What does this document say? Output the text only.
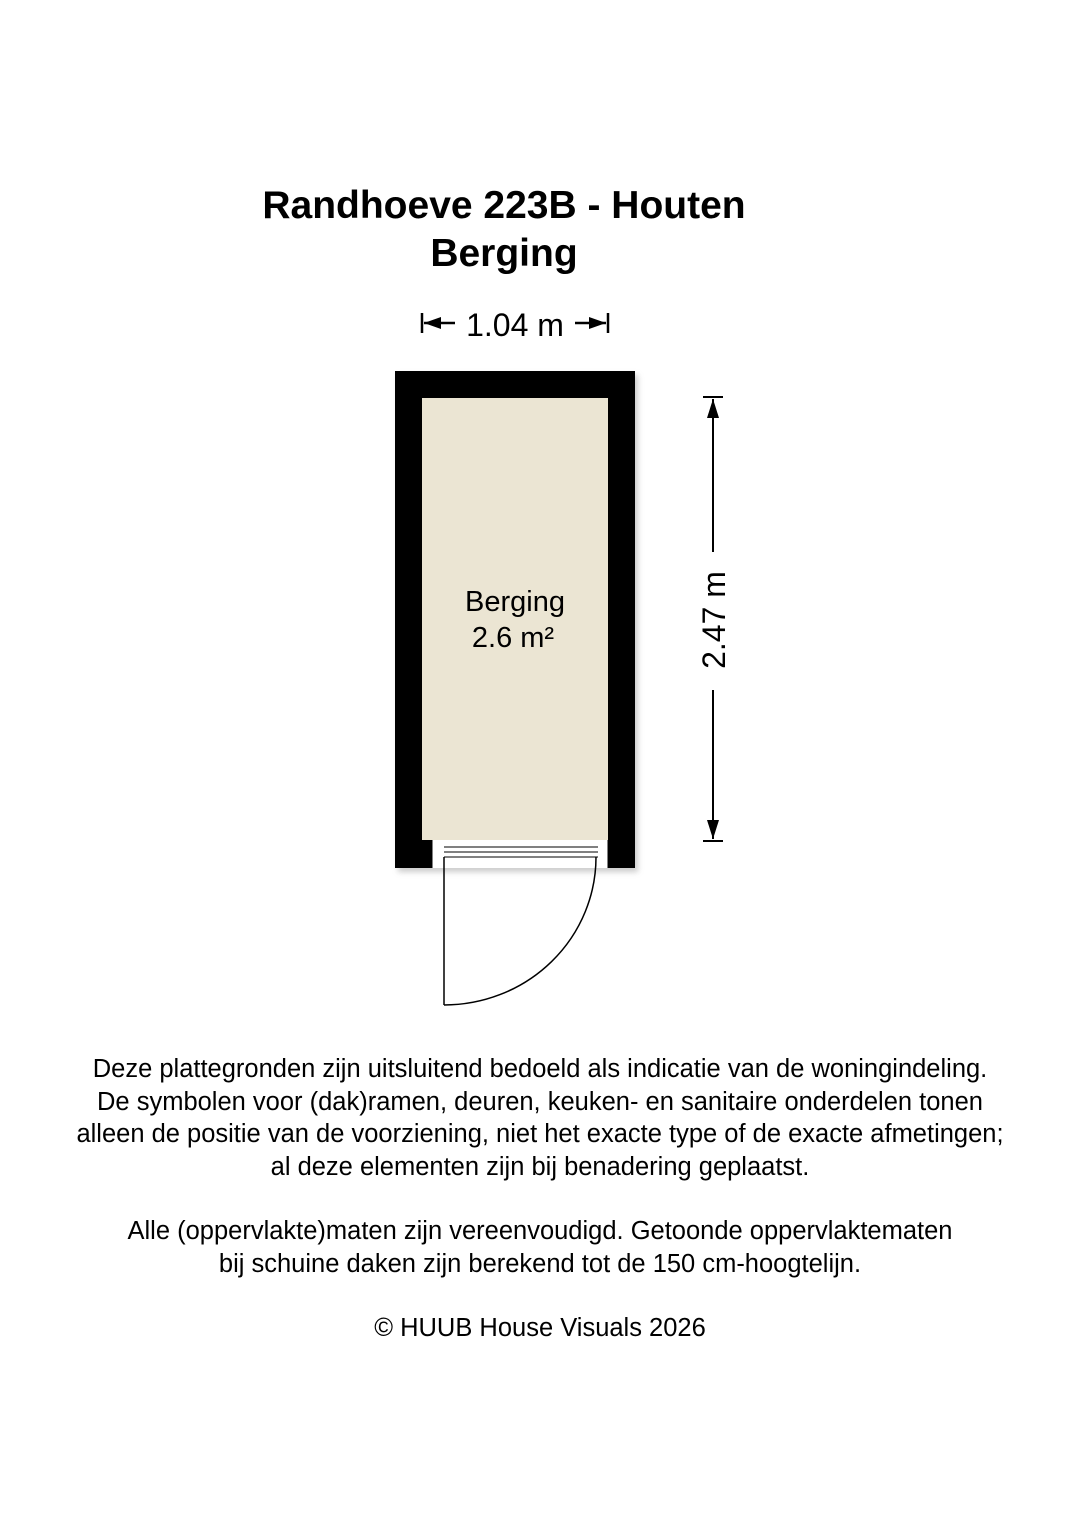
Randhoeve 223B - Houten
Berging
1.04 m
Berging
2.6 m²	2.47 m
Deze plattegronden zijn uitsluitend bedoeld als indicatie van de woningindeling.
De symbolen voor (dak)ramen, deuren, keuken- en sanitaire onderdelen tonen
alleen de positie van de voorziening, niet het exacte type of de exacte afmetingen;
al deze elementen zijn bij benadering geplaatst.
Alle (oppervlakte)maten zijn vereenvoudigd. Getoonde oppervlaktematen
bij schuine daken zijn berekend tot de 150 cm-hoogtelijn.
© HUUB House Visuals 2026
